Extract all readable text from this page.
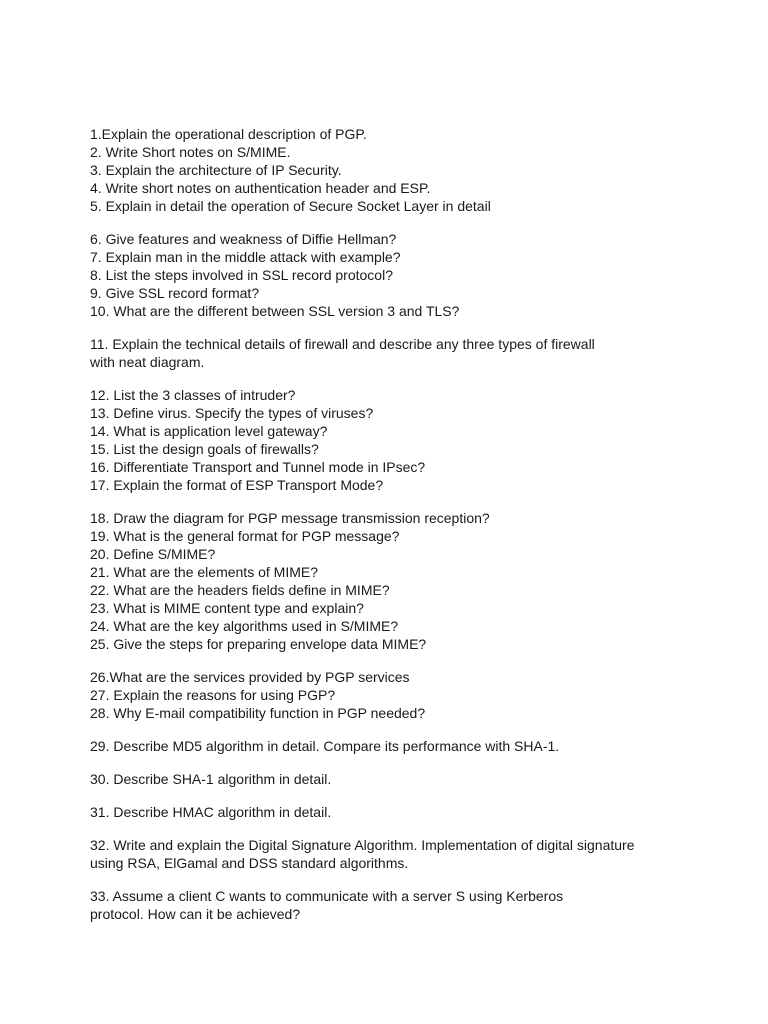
1.Explain the operational description of PGP.
2. Write Short notes on S/MIME.
3. Explain the architecture of IP Security.
4. Write short notes on authentication header and ESP.
5. Explain in detail the operation of Secure Socket Layer in detail
6. Give features and weakness of Diffie Hellman?
7. Explain man in the middle attack with example?
8. List the steps involved in SSL record protocol?
9. Give SSL record format?
10. What are the different between SSL version 3 and TLS?
11. Explain the technical details of firewall and describe any three types of firewall
with neat diagram.
12. List the 3 classes of intruder?
13. Define virus. Specify the types of viruses?
14. What is application level gateway?
15. List the design goals of firewalls?
16. Differentiate Transport and Tunnel mode in IPsec?
17. Explain the format of ESP Transport Mode?
18. Draw the diagram for PGP message transmission reception?
19. What is the general format for PGP message?
20. Define S/MIME?
21. What are the elements of MIME?
22. What are the headers fields define in MIME?
23. What is MIME content type and explain?
24. What are the key algorithms used in S/MIME?
25. Give the steps for preparing envelope data MIME?
26.What are the services provided by PGP services
27. Explain the reasons for using PGP?
28. Why E-mail compatibility function in PGP needed?
29. Describe MD5 algorithm in detail. Compare its performance with SHA-1.
30. Describe SHA-1 algorithm in detail.
31. Describe HMAC algorithm in detail.
32. Write and explain the Digital Signature Algorithm. Implementation of digital signature
using RSA, ElGamal and DSS standard algorithms.
33. Assume a client C wants to communicate with a server S using Kerberos
protocol. How can it be achieved?
